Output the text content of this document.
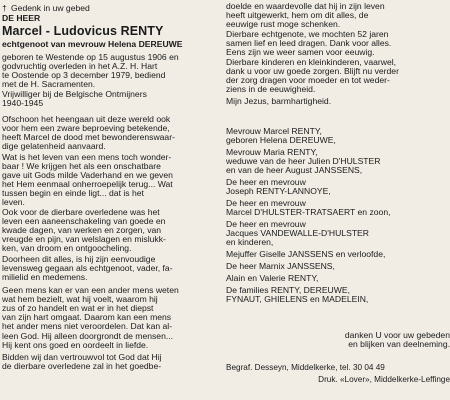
† Gedenk in uw gebed
DE HEER
Marcel - Ludovicus RENTY
echtgenoot van mevrouw Helena DEREUWE
geboren te Westende op 15 augustus 1906 en
godvruchtig overleden in het A.Z. H. Hart
te Oostende op 3 december 1979, bediend
met de H. Sacramenten.
Vrijwilliger bij de Belgische Ontmijners
1940-1945
Ofschoon het heengaan uit deze wereld ook
voor hem een zware beproeving betekende,
heeft Marcel de dood met bewonderenswaar-
dige gelatenheid aanvaard.
Wat is het leven van een mens toch wonder-
baar ! We krijgen het als een onschatbare
gave uit Gods milde Vaderhand en we geven
het Hem eenmaal onherroepelijk terug... Wat
tussen begin en einde ligt... dat is het
leven.
Ook voor de dierbare overledene was het
leven een aaneenschakeling van goede en
kwade dagen, van werken en zorgen, van
vreugde en pijn, van welslagen en mislukk-
ken, van droom en ontgoocheling.
Doorheen dit alles, is hij zijn eenvoudige
levensweg gegaan als echtgenoot, vader, fa-
milielid en medemens.
Geen mens kan er van een ander mens weten
wat hem bezielt, wat hij voelt, waarom hij
zus of zo handelt en wat er in het diepst
van zijn hart omgaat. Daarom kan een mens
het ander mens niet veroordelen. Dat kan al-
leen God. Hij alleen doorgrondt de mensen...
Hij kent ons goed en oordeelt in liefde.
Bidden wij dan vertrouwvol tot God dat Hij
de dierbare overledene zal in het goedbe-
doelde en waardevolle dat hij in zijn leven
heeft uitgewerkt, hem om dit alles, de
eeuwige rust moge schenken.
Dierbare echtgenote, we mochten 52 jaren
samen lief en leed dragen. Dank voor alles.
Eens zijn we weer samen voor eeuwig.
Dierbare kinderen en kleinkinderen, vaarwel,
dank u voor uw goede zorgen. Blijft nu verder
der zorg dragen voor moeder en tot weder-
ziens in de eeuwigheid.
Mijn Jezus, barmhartigheid.
Mevrouw Marcel RENTY,
geboren Helena DEREUWE,
Mevrouw Maria RENTY,
weduwe van de heer Julien D'HULSTER
en van de heer August JANSSENS,
De heer en mevrouw
Joseph RENTY-LANNOYE,
De heer en mevrouw
Marcel D'HULSTER-TRATSAERT en zoon,
De heer en mevrouw
Jacques VANDEWALLE-D'HULSTER
en kinderen,
Mejuffer Giselle JANSSENS en verloofde,
De heer Marnix JANSSENS,
Alain en Valerie RENTY,
De families RENTY, DEREUWE,
FYNAUT, GHIELENS en MADELEIN,
danken U voor uw gebeden
en blijken van deelneming.
Begraf. Desseyn, Middelkerke, tel. 30 04 49
Druk. «Lover», Middelkerke-Leffinge
